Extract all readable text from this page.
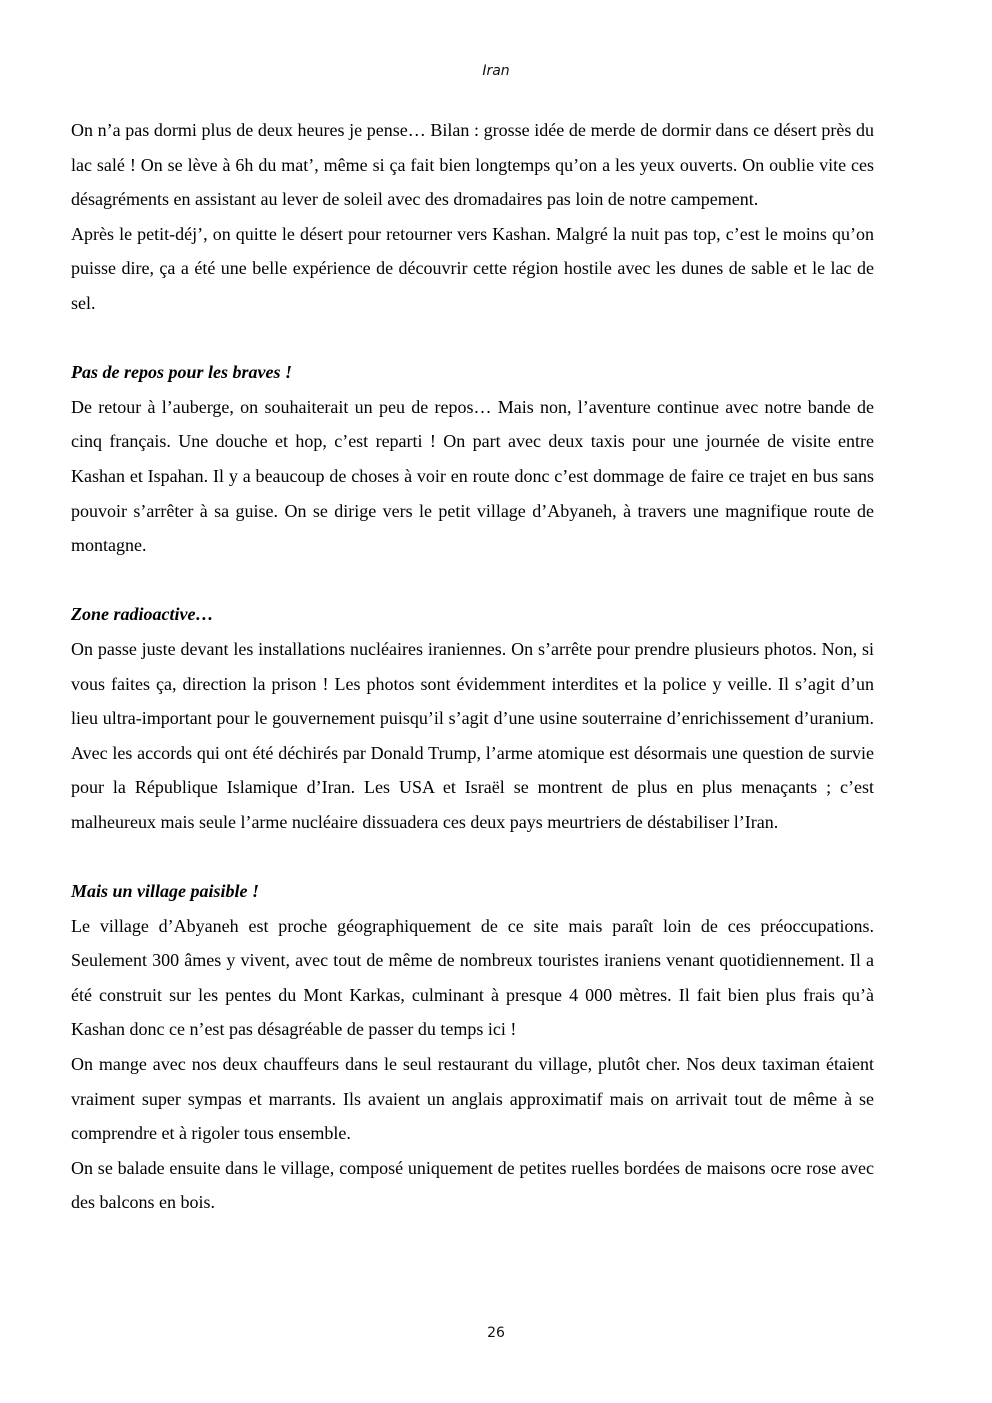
Iran

On n’a pas dormi plus de deux heures je pense… Bilan : grosse idée de merde de dormir dans ce désert près du lac salé ! On se lève à 6h du mat’, même si ça fait bien longtemps qu’on a les yeux ouverts. On oublie vite ces désagréments en assistant au lever de soleil avec des dromadaires pas loin de notre campement.

Après le petit-déj’, on quitte le désert pour retourner vers Kashan. Malgré la nuit pas top, c’est le moins qu’on puisse dire, ça a été une belle expérience de découvrir cette région hostile avec les dunes de sable et le lac de sel.

Pas de repos pour les braves !

De retour à l’auberge, on souhaiterait un peu de repos… Mais non, l’aventure continue avec notre bande de cinq français. Une douche et hop, c’est reparti ! On part avec deux taxis pour une journée de visite entre Kashan et Ispahan. Il y a beaucoup de choses à voir en route donc c’est dommage de faire ce trajet en bus sans pouvoir s’arrêter à sa guise. On se dirige vers le petit village d’Abyaneh, à travers une magnifique route de montagne.

Zone radioactive…

On passe juste devant les installations nucléaires iraniennes. On s’arrête pour prendre plusieurs photos. Non, si vous faites ça, direction la prison ! Les photos sont évidemment interdites et la police y veille. Il s’agit d’un lieu ultra-important pour le gouvernement puisqu’il s’agit d’une usine souterraine d’enrichissement d’uranium. Avec les accords qui ont été déchirés par Donald Trump, l’arme atomique est désormais une question de survie pour la République Islamique d’Iran. Les USA et Israël se montrent de plus en plus menaçants ; c’est malheureux mais seule l’arme nucléaire dissuadera ces deux pays meurtriers de déstabiliser l’Iran.

Mais un village paisible !

Le village d’Abyaneh est proche géographiquement de ce site mais paraît loin de ces préoccupations. Seulement 300 âmes y vivent, avec tout de même de nombreux touristes iraniens venant quotidiennement. Il a été construit sur les pentes du Mont Karkas, culminant à presque 4 000 mètres. Il fait bien plus frais qu’à Kashan donc ce n’est pas désagréable de passer du temps ici !

On mange avec nos deux chauffeurs dans le seul restaurant du village, plutôt cher. Nos deux taximan étaient vraiment super sympas et marrants. Ils avaient un anglais approximatif mais on arrivait tout de même à se comprendre et à rigoler tous ensemble.

On se balade ensuite dans le village, composé uniquement de petites ruelles bordées de maisons ocre rose avec des balcons en bois.

26
